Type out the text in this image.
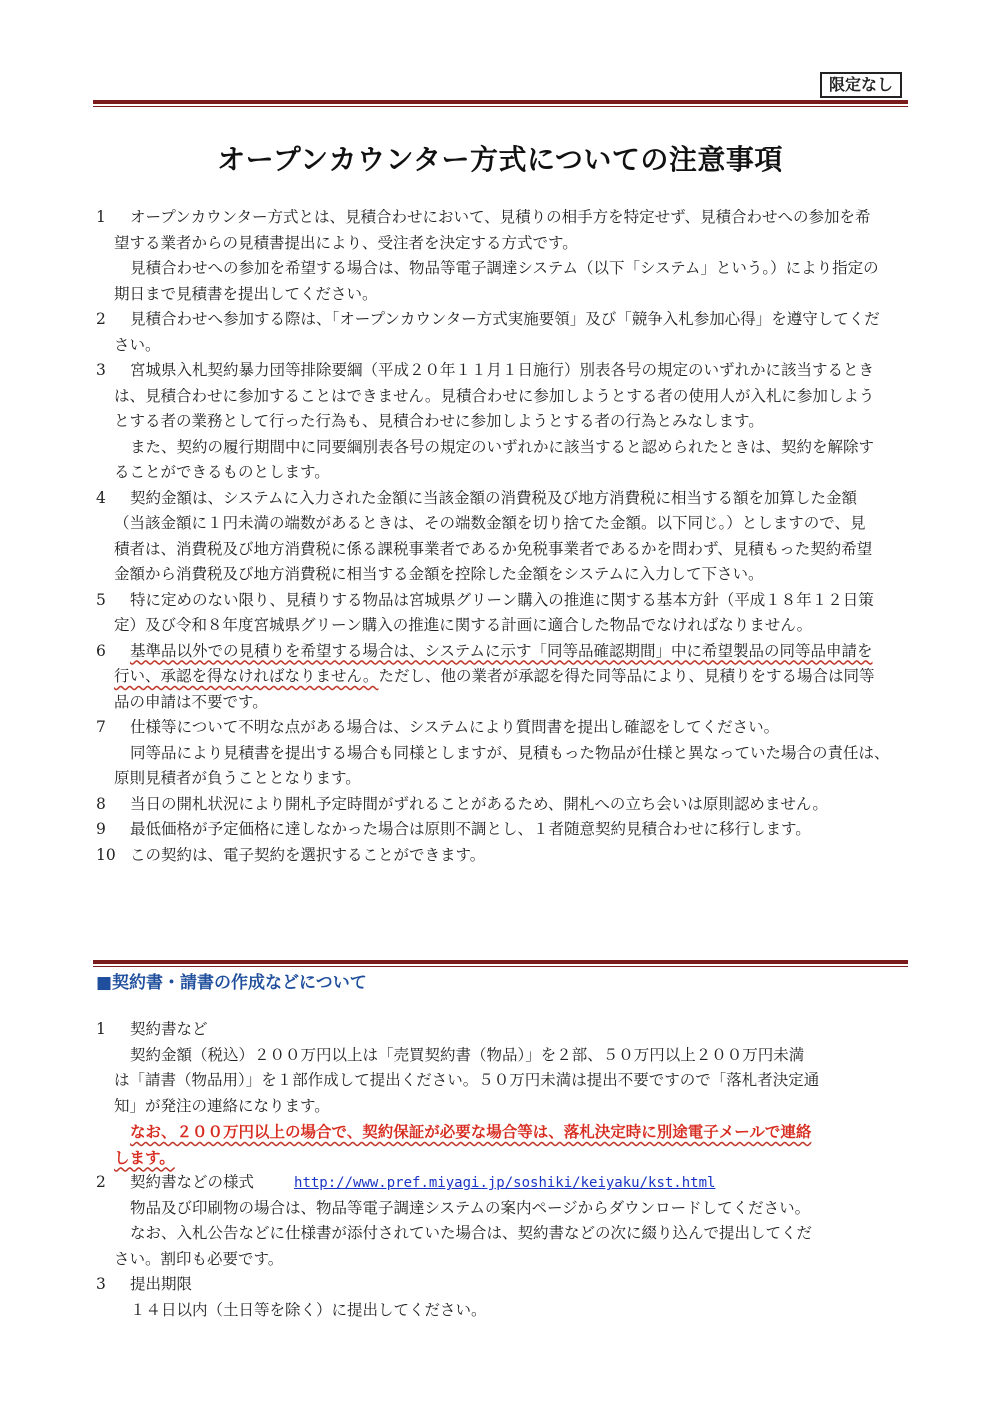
限定なし
オープンカウンター方式についての注意事項
1 オープンカウンター方式とは、見積合わせにおいて、見積りの相手方を特定せず、見積合わせへの参加を希
望する業者からの見積書提出により、受注者を決定する方式です。
見積合わせへの参加を希望する場合は、物品等電子調達システム（以下「システム」という。）により指定の
期日まで見積書を提出してください。
2 見積合わせへ参加する際は、「オープンカウンター方式実施要領」及び「競争入札参加心得」を遵守してくだ
さい。
3 宮城県入札契約暴力団等排除要綱（平成２０年１１月１日施行）別表各号の規定のいずれかに該当するとき
は、見積合わせに参加することはできません。見積合わせに参加しようとする者の使用人が入札に参加しよう
とする者の業務として行った行為も、見積合わせに参加しようとする者の行為とみなします。
また、契約の履行期間中に同要綱別表各号の規定のいずれかに該当すると認められたときは、契約を解除す
ることができるものとします。
4 契約金額は、システムに入力された金額に当該金額の消費税及び地方消費税に相当する額を加算した金額
（当該金額に１円未満の端数があるときは、その端数金額を切り捨てた金額。以下同じ。）としますので、見
積者は、消費税及び地方消費税に係る課税事業者であるか免税事業者であるかを問わず、見積もった契約希望
金額から消費税及び地方消費税に相当する金額を控除した金額をシステムに入力して下さい。
5 特に定めのない限り、見積りする物品は宮城県グリーン購入の推進に関する基本方針（平成１８年１２日策
定）及び令和８年度宮城県グリーン購入の推進に関する計画に適合した物品でなければなりません。
6 基準品以外での見積りを希望する場合は、システムに示す「同等品確認期間」中に希望製品の同等品申請を
行い、承認を得なければなりません。ただし、他の業者が承認を得た同等品により、見積りをする場合は同等
品の申請は不要です。
7 仕様等について不明な点がある場合は、システムにより質問書を提出し確認をしてください。
同等品により見積書を提出する場合も同様としますが、見積もった物品が仕様と異なっていた場合の責任は、
原則見積者が負うこととなります。
8 当日の開札状況により開札予定時間がずれることがあるため、開札への立ち会いは原則認めません。
9 最低価格が予定価格に達しなかった場合は原則不調とし、１者随意契約見積合わせに移行します。
10 この契約は、電子契約を選択することができます。
■契約書・請書の作成などについて
1 契約書など
契約金額（税込）２００万円以上は「売買契約書（物品）」を２部、５０万円以上２００万円未満
は「請書（物品用）」を１部作成して提出ください。５０万円未満は提出不要ですので「落札者決定通
知」が発注の連絡になります。
なお、２００万円以上の場合で、契約保証が必要な場合等は、落札決定時に別途電子メールで連絡
します。
2 契約書などの様式	http://www.pref.miyagi.jp/soshiki/keiyaku/kst.html
物品及び印刷物の場合は、物品等電子調達システムの案内ページからダウンロードしてください。
なお、入札公告などに仕様書が添付されていた場合は、契約書などの次に綴り込んで提出してくだ
さい。割印も必要です。
3 提出期限
１４日以内（土日等を除く）に提出してください。
